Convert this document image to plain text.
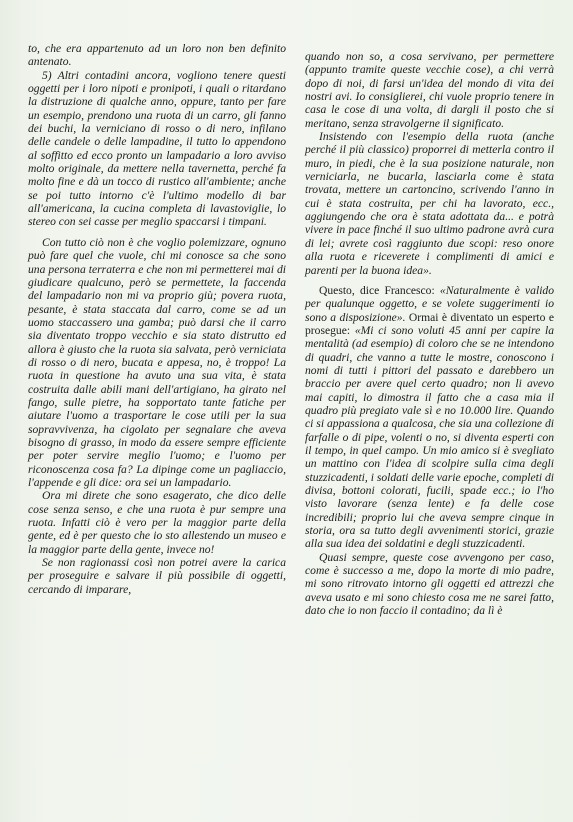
to, che era appartenuto ad un loro non ben definito antenato.

5) Altri contadini ancora, vogliono tenere questi oggetti per i loro nipoti e pronipoti, i quali o ritardano la distruzione di qualche anno, oppure, tanto per fare un esempio, prendono una ruota di un carro, gli fanno dei buchi, la verniciano di rosso o di nero, infilano delle candele o delle lampadine, il tutto lo appendono al soffitto ed ecco pronto un lampadario a loro avviso molto originale, da mettere nella tavernetta, perché fa molto fine e dà un tocco di rustico all'ambiente; anche se poi tutto intorno c'è l'ultimo modello di bar all'americana, la cucina completa di lavastoviglie, lo stereo con sei casse per meglio spaccarsi i timpani.

Con tutto ciò non è che voglio polemizzare, ognuno può fare quel che vuole, chi mi conosce sa che sono una persona terraterra e che non mi permetterei mai di giudicare qualcuno, però se permettete, la faccenda del lampadario non mi va proprio giù; povera ruota, pesante, è stata staccata dal carro, come se ad un uomo staccassero una gamba; può darsi che il carro sia diventato troppo vecchio e sia stato distrutto ed allora è giusto che la ruota sia salvata, però verniciata di rosso o di nero, bucata e appesa, no, è troppo! La ruota in questione ha avuto una sua vita, è stata costruita dalle abili mani dell'artigiano, ha girato nel fango, sulle pietre, ha sopportato tante fatiche per aiutare l'uomo a trasportare le cose utili per la sua sopravvivenza, ha cigolato per segnalare che aveva bisogno di grasso, in modo da essere sempre efficiente per poter servire meglio l'uomo; e l'uomo per riconoscenza cosa fa? La dipinge come un pagliaccio, l'appende e gli dice: ora sei un lampadario.

Ora mi direte che sono esagerato, che dico delle cose senza senso, e che una ruota è pur sempre una ruota. Infatti ciò è vero per la maggior parte della gente, ed è per questo che io sto allestendo un museo e la maggior parte della gente, invece no!

Se non ragionassi così non potrei avere la carica per proseguire e salvare il più possibile di oggetti, cercando di imparare,

quando non so, a cosa servivano, per permettere (appunto tramite queste vecchie cose), a chi verrà dopo di noi, di farsi un'idea del mondo di vita dei nostri avi. Io consiglierei, chi vuole proprio tenere in casa le cose di una volta, di dargli il posto che si meritano, senza stravolgerne il significato.

Insistendo con l'esempio della ruota (anche perché il più classico) proporrei di metterla contro il muro, in piedi, che è la sua posizione naturale, non verniciarla, ne bucarla, lasciarla come è stata trovata, mettere un cartoncino, scrivendo l'anno in cui è stata costruita, per chi ha lavorato, ecc., aggiungendo che ora è stata adottata da... e potrà vivere in pace finché il suo ultimo padrone avrà cura di lei; avrete così raggiunto due scopi: reso onore alla ruota e riceverete i complimenti di amici e parenti per la buona idea».

Questo, dice Francesco: «Naturalmente è valido per qualunque oggetto, e se volete suggerimenti io sono a disposizione». Ormai è diventato un esperto e prosegue: «Mi ci sono voluti 45 anni per capire la mentalità (ad esempio) di coloro che se ne intendono di quadri, che vanno a tutte le mostre, conoscono i nomi di tutti i pittori del passato e darebbero un braccio per avere quel certo quadro; non li avevo mai capiti, lo dimostra il fatto che a casa mia il quadro più pregiato vale sì e no 10.000 lire. Quando ci si appassiona a qualcosa, che sia una collezione di farfalle o di pipe, volenti o no, si diventa esperti con il tempo, in quel campo. Un mio amico si è svegliato un mattino con l'idea di scolpire sulla cima degli stuzzicadenti, i soldati delle varie epoche, completi di divisa, bottoni colorati, fucili, spade ecc.; io l'ho visto lavorare (senza lente) e fa delle cose incredibili; proprio lui che aveva sempre cinque in storia, ora sa tutto degli avvenimenti storici, grazie alla sua idea dei soldatini e degli stuzzicadenti.

Quasi sempre, queste cose avvengono per caso, come è successo a me, dopo la morte di mio padre, mi sono ritrovato intorno gli oggetti ed attrezzi che aveva usato e mi sono chiesto cosa me ne sarei fatto, dato che io non faccio il contadino; da lì è
